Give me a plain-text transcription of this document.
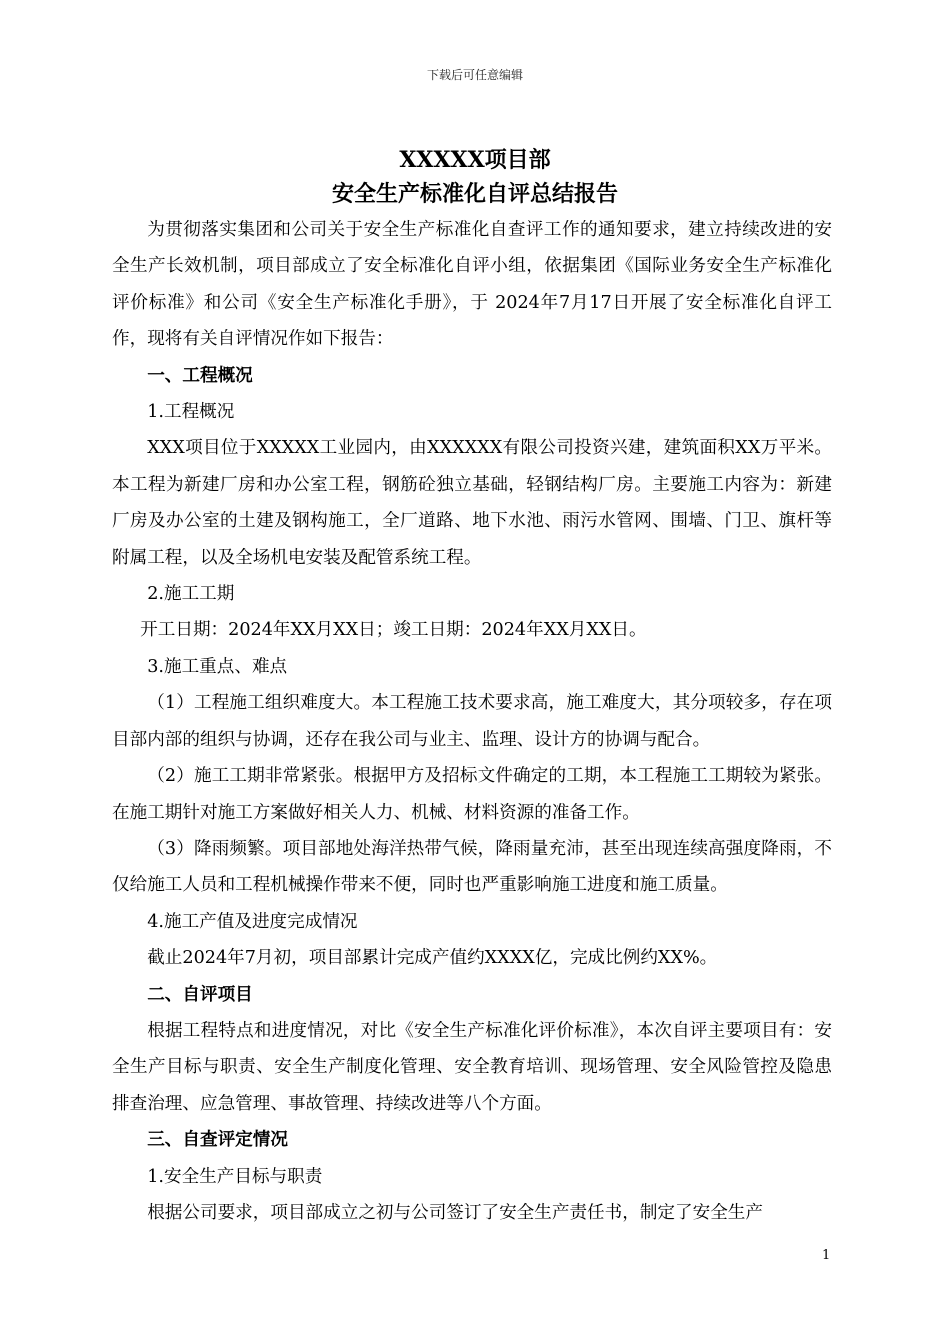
下载后可任意编辑
XXXXX项目部
安全生产标准化自评总结报告

为贯彻落实集团和公司关于安全生产标准化自查评工作的通知要求，建立持续改进的安全生产长效机制，项目部成立了安全标准化自评小组，依据集团《国际业务安全生产标准化评价标准》和公司《安全生产标准化手册》，于 2024年7月17日开展了安全标准化自评工作，现将有关自评情况作如下报告：

一、工程概况

1.工程概况

XXX项目位于XXXXX工业园内，由XXXXXX有限公司投资兴建，建筑面积XX万平米。本工程为新建厂房和办公室工程，钢筋砼独立基础，轻钢结构厂房。主要施工内容为：新建厂房及办公室的土建及钢构施工，全厂道路、地下水池、雨污水管网、围墙、门卫、旗杆等附属工程，以及全场机电安装及配管系统工程。

2.施工工期

开工日期：2024年XX月XX日；竣工日期：2024年XX月XX日。

3.施工重点、难点

（1）工程施工组织难度大。本工程施工技术要求高，施工难度大，其分项较多，存在项目部内部的组织与协调，还存在我公司与业主、监理、设计方的协调与配合。

（2）施工工期非常紧张。根据甲方及招标文件确定的工期，本工程施工工期较为紧张。在施工期针对施工方案做好相关人力、机械、材料资源的准备工作。

（3）降雨频繁。项目部地处海洋热带气候，降雨量充沛，甚至出现连续高强度降雨，不仅给施工人员和工程机械操作带来不便，同时也严重影响施工进度和施工质量。

4.施工产值及进度完成情况

截止2024年7月初，项目部累计完成产值约XXXX亿，完成比例约XX%。

二、自评项目

根据工程特点和进度情况，对比《安全生产标准化评价标准》，本次自评主要项目有：安全生产目标与职责、安全生产制度化管理、安全教育培训、现场管理、安全风险管控及隐患排查治理、应急管理、事故管理、持续改进等八个方面。

三、自查评定情况

1.安全生产目标与职责

根据公司要求，项目部成立之初与公司签订了安全生产责任书，制定了安全生产

1
